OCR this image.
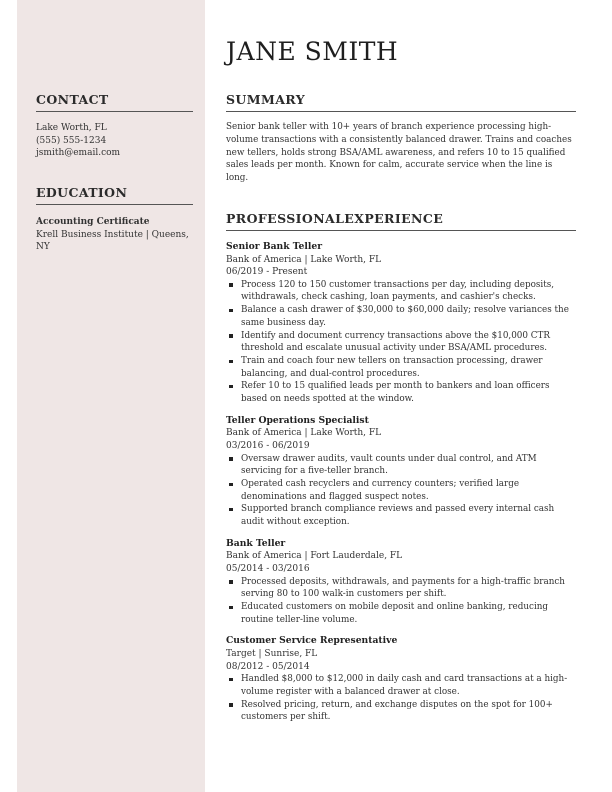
CONTACT
Lake Worth, FL
(555) 555-1234
jsmith@email.com
EDUCATION
Accounting Certificate
Krell Business Institute | Queens, NY
JANE SMITH
SUMMARY

Senior bank teller with 10+ years of branch experience processing high-volume transactions with a consistently balanced drawer. Trains and coaches new tellers, holds strong BSA/AML awareness, and refers 10 to 15 qualified sales leads per month. Known for calm, accurate service when the line is long.

PROFESSIONALEXPERIENCE
Senior Bank Teller
Bank of America | Lake Worth, FL
06/2019 - Present
Process 120 to 150 customer transactions per day, including deposits, withdrawals, check cashing, loan payments, and cashier's checks.
Balance a cash drawer of $30,000 to $60,000 daily; resolve variances the same business day.
Identify and document currency transactions above the $10,000 CTR threshold and escalate unusual activity under BSA/AML procedures.
Train and coach four new tellers on transaction processing, drawer balancing, and dual-control procedures.
Refer 10 to 15 qualified leads per month to bankers and loan officers based on needs spotted at the window.
Teller Operations Specialist
Bank of America | Lake Worth, FL
03/2016 - 06/2019
Oversaw drawer audits, vault counts under dual control, and ATM servicing for a five-teller branch.
Operated cash recyclers and currency counters; verified large denominations and flagged suspect notes.
Supported branch compliance reviews and passed every internal cash audit without exception.
Bank Teller
Bank of America | Fort Lauderdale, FL
05/2014 - 03/2016
Processed deposits, withdrawals, and payments for a high-traffic branch serving 80 to 100 walk-in customers per shift.
Educated customers on mobile deposit and online banking, reducing routine teller-line volume.
Customer Service Representative
Target | Sunrise, FL
08/2012 - 05/2014
Handled $8,000 to $12,000 in daily cash and card transactions at a high-volume register with a balanced drawer at close.
Resolved pricing, return, and exchange disputes on the spot for 100+ customers per shift.
